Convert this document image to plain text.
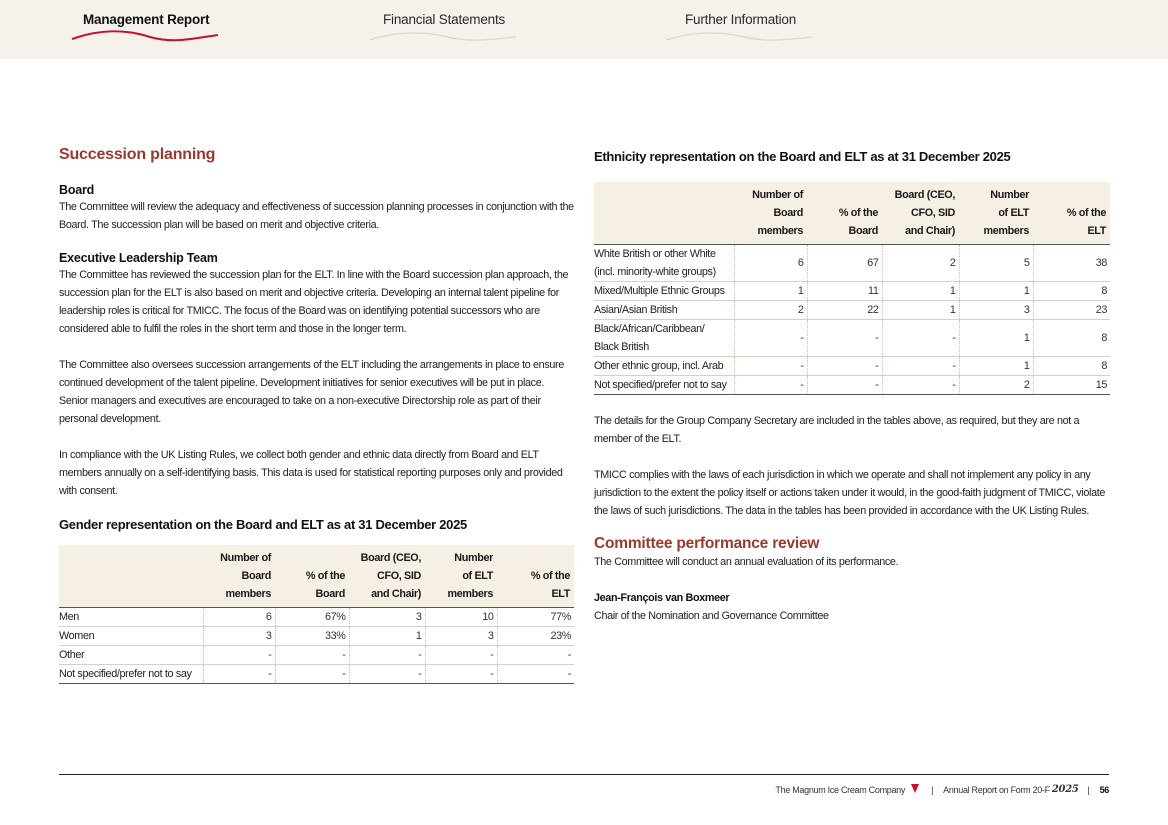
Management Report	Financial Statements	Further Information
Succession planning
Board
The Committee will review the adequacy and effectiveness of succession planning processes in conjunction with the Board. The succession plan will be based on merit and objective criteria.
Executive Leadership Team
The Committee has reviewed the succession plan for the ELT. In line with the Board succession plan approach, the succession plan for the ELT is also based on merit and objective criteria. Developing an internal talent pipeline for leadership roles is critical for TMICC. The focus of the Board was on identifying potential successors who are considered able to fulfil the roles in the short term and those in the longer term.
The Committee also oversees succession arrangements of the ELT including the arrangements in place to ensure continued development of the talent pipeline. Development initiatives for senior executives will be put in place. Senior managers and executives are encouraged to take on a non-executive Directorship role as part of their personal development.
In compliance with the UK Listing Rules, we collect both gender and ethnic data directly from Board and ELT members annually on a self-identifying basis. This data is used for statistical reporting purposes only and provided with consent.
Gender representation on the Board and ELT as at 31 December 2025
	Number of Board members	% of the Board	Board (CEO, CFO, SID and Chair)	Number of ELT members	% of the ELT
Men	6	67%	3	10	77%
Women	3	33%	1	3	23%
Other	-	-	-	-	-
Not specified/prefer not to say	-	-	-	-	-
Ethnicity representation on the Board and ELT as at 31 December 2025
	Number of Board members	% of the Board	Board (CEO, CFO, SID and Chair)	Number of ELT members	% of the ELT
White British or other White (incl. minority-white groups)	6	67	2	5	38
Mixed/Multiple Ethnic Groups	1	11	1	1	8
Asian/Asian British	2	22	1	3	23
Black/African/Caribbean/ Black British	-	-	-	1	8
Other ethnic group, incl. Arab	-	-	-	1	8
Not specified/prefer not to say	-	-	-	2	15
The details for the Group Company Secretary are included in the tables above, as required, but they are not a member of the ELT.
TMICC complies with the laws of each jurisdiction in which we operate and shall not implement any policy in any jurisdiction to the extent the policy itself or actions taken under it would, in the good-faith judgment of TMICC, violate the laws of such jurisdictions. The data in the tables has been provided in accordance with the UK Listing Rules.
Committee performance review
The Committee will conduct an annual evaluation of its performance.
Jean-François van Boxmeer
Chair of the Nomination and Governance Committee
The Magnum Ice Cream Company	| Annual Report on Form 20-F 2025 | 56
